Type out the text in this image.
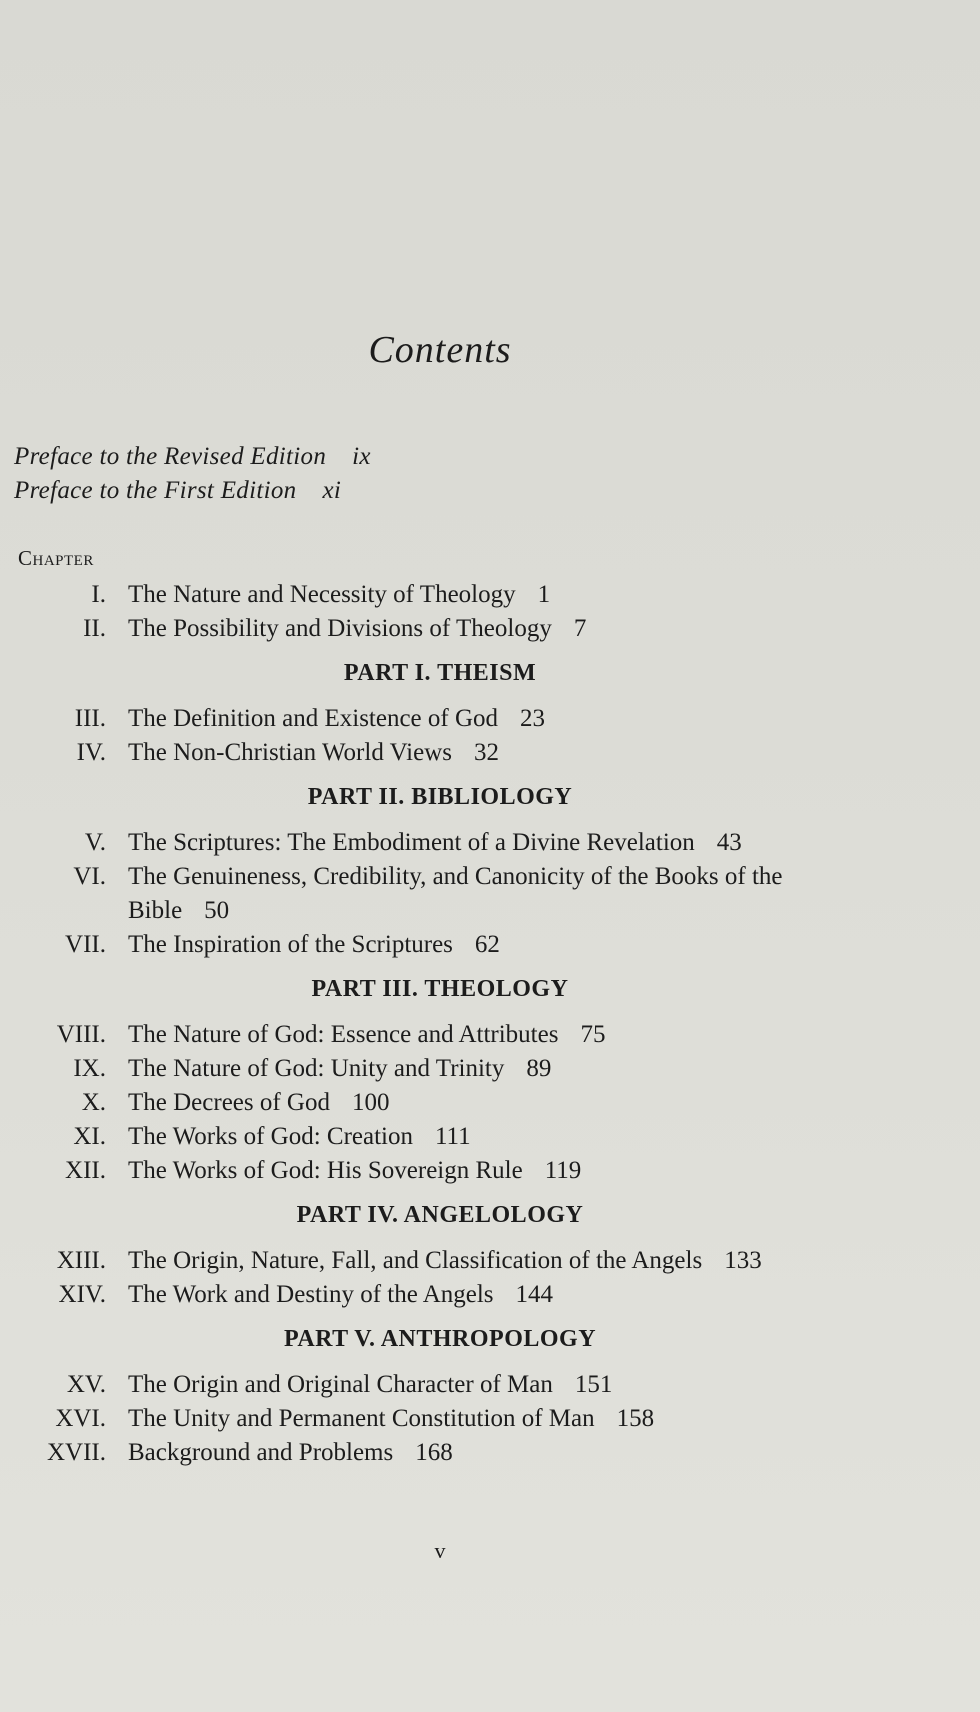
Contents
Preface to the Revised Edition ix
Preface to the First Edition xi
Chapter
I. The Nature and Necessity of Theology 1
II. The Possibility and Divisions of Theology 7
PART I. THEISM
III. The Definition and Existence of God 23
IV. The Non-Christian World Views 32
PART II. BIBLIOLOGY
V. The Scriptures: The Embodiment of a Divine Revelation 43
VI. The Genuineness, Credibility, and Canonicity of the Books of the Bible 50
VII. The Inspiration of the Scriptures 62
PART III. THEOLOGY
VIII. The Nature of God: Essence and Attributes 75
IX. The Nature of God: Unity and Trinity 89
X. The Decrees of God 100
XI. The Works of God: Creation 111
XII. The Works of God: His Sovereign Rule 119
PART IV. ANGELOLOGY
XIII. The Origin, Nature, Fall, and Classification of the Angels 133
XIV. The Work and Destiny of the Angels 144
PART V. ANTHROPOLOGY
XV. The Origin and Original Character of Man 151
XVI. The Unity and Permanent Constitution of Man 158
XVII. Background and Problems 168
v
